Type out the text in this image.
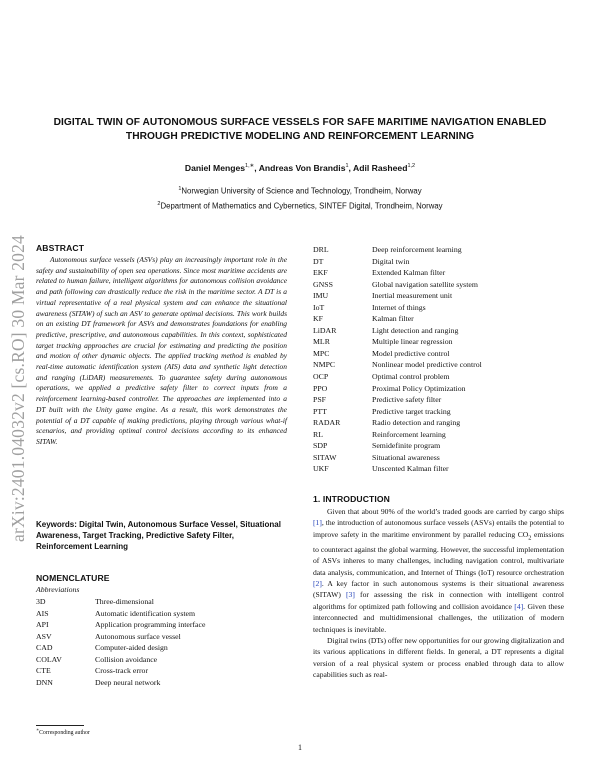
arXiv:2401.04032v2 [cs.RO] 30 Mar 2024
DIGITAL TWIN OF AUTONOMOUS SURFACE VESSELS FOR SAFE MARITIME NAVIGATION ENABLED THROUGH PREDICTIVE MODELING AND REINFORCEMENT LEARNING
Daniel Menges$^{1,∗}$, Andreas Von Brandis$^1$, Adil Rasheed$^{1,2}$
$^1$Norwegian University of Science and Technology, Trondheim, Norway
$^2$Department of Mathematics and Cybernetics, SINTEF Digital, Trondheim, Norway
ABSTRACT
Autonomous surface vessels (ASVs) play an increasingly important role in the safety and sustainability of open sea operations. Since most maritime accidents are related to human failure, intelligent algorithms for autonomous collision avoidance and path following can drastically reduce the risk in the maritime sector. A DT is a virtual representative of a real physical system and can enhance the situational awareness (SITAW) of such an ASV to generate optimal decisions. This work builds on an existing DT framework for ASVs and demonstrates foundations for enabling predictive, prescriptive, and autonomous capabilities. In this context, sophisticated target tracking approaches are crucial for estimating and predicting the position and motion of other dynamic objects. The applied tracking method is enabled by real-time automatic identification system (AIS) data and synthetic light detection and ranging (LiDAR) measurements. To guarantee safety during autonomous operations, we applied a predictive safety filter to correct inputs from a reinforcement learning-based controller. The approaches are implemented into a DT built with the Unity game engine. As a result, this work demonstrates the potential of a DT capable of making predictions, playing through various what-if scenarios, and providing optimal control decisions according to its enhanced SITAW.
Keywords: Digital Twin, Autonomous Surface Vessel, Situational Awareness, Target Tracking, Predictive Safety Filter, Reinforcement Learning
NOMENCLATURE
Abbreviations
3D	Three-dimensional
AIS	Automatic identification system
API	Application programming interface
ASV	Autonomous surface vessel
CAD	Computer-aided design
COLAV	Collision avoidance
CTE	Cross-track error
DNN	Deep neural network
DRL	Deep reinforcement learning
DT	Digital twin
EKF	Extended Kalman filter
GNSS	Global navigation satellite system
IMU	Inertial measurement unit
IoT	Internet of things
KF	Kalman filter
LiDAR	Light detection and ranging
MLR	Multiple linear regression
MPC	Model predictive control
NMPC	Nonlinear model predictive control
OCP	Optimal control problem
PPO	Proximal Policy Optimization
PSF	Predictive safety filter
PTT	Predictive target tracking
RADAR	Radio detection and ranging
RL	Reinforcement learning
SDP	Semidefinite program
SITAW	Situational awareness
UKF	Unscented Kalman filter
∗Corresponding author
1. INTRODUCTION

Given that about 90% of the world’s traded goods are carried by cargo ships [1], the introduction of autonomous surface vessels (ASVs) entails the potential to improve safety in the maritime environment by parallel reducing $CO_2$ emissions to counteract against the global warming. However, the successful implementation of ASVs inheres to many challenges, including navigation control, multivariate data analysis, communication, and Internet of Things (IoT) resource orchestration [2]. A key factor in such autonomous systems is their situational awareness (SITAW) [3] for assessing the risk in connection with intelligent control algorithms for optimized path following and collision avoidance [4]. Given these interconnected and multidimensional challenges, the utilization of modern techniques is inevitable.

Digital twins (DTs) offer new opportunities for our growing digitalization and its various applications in different fields. In general, a DT represents a digital version of a real physical system or process enabled through data to allow capabilities such as real-

1
